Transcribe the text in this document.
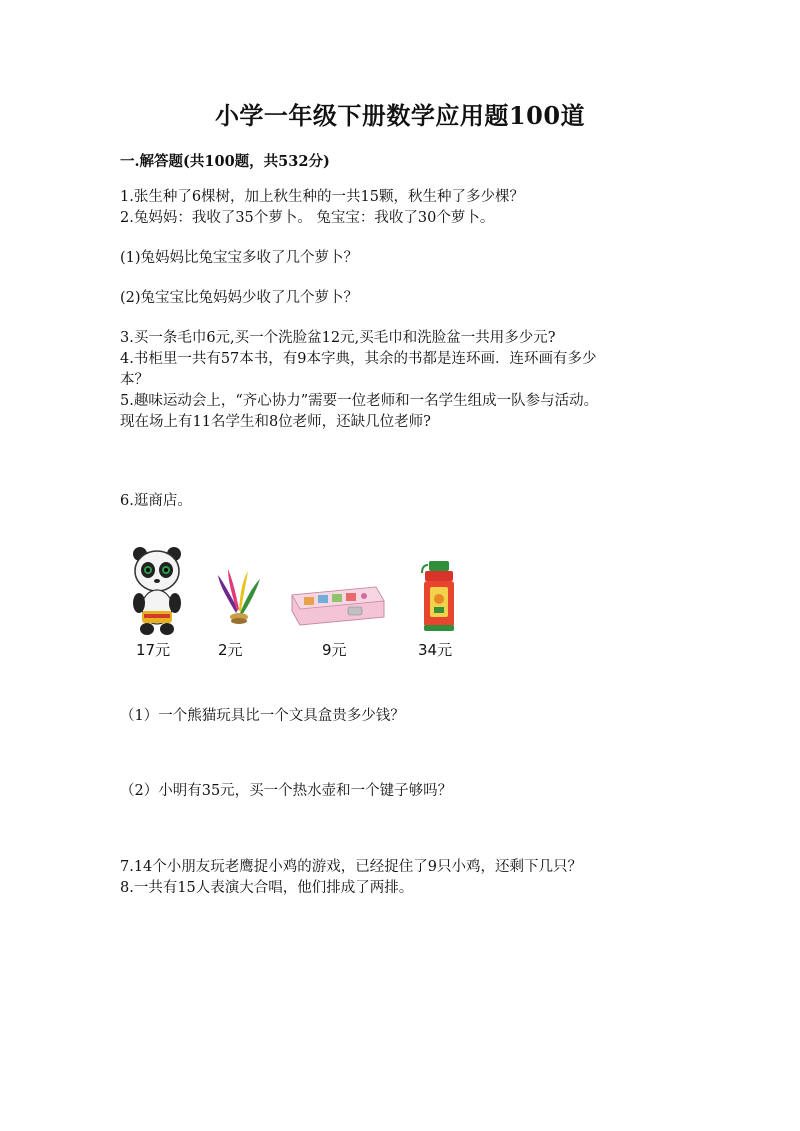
小学一年级下册数学应用题100道
一.解答题(共100题，共532分)
1.张生种了6棵树，加上秋生种的一共15颗，秋生种了多少棵？
2.兔妈妈：我收了35个萝卜。 兔宝宝：我收了30个萝卜。
(1)兔妈妈比兔宝宝多收了几个萝卜？
(2)兔宝宝比兔妈妈少收了几个萝卜？
3.买一条毛巾6元,买一个洗脸盆12元,买毛巾和洗脸盆一共用多少元?
4.书柜里一共有57本书，有9本字典，其余的书都是连环画．连环画有多少
本？
5.趣味运动会上，“齐心协力”需要一位老师和一名学生组成一队参与活动。
现在场上有11名学生和8位老师，还缺几位老师?
6.逛商店。
17元	2元	9元	34元
（1）一个熊猫玩具比一个文具盒贵多少钱？
（2）小明有35元，买一个热水壶和一个键子够吗？
7.14个小朋友玩老鹰捉小鸡的游戏，已经捉住了9只小鸡，还剩下几只？
8.一共有15人表演大合唱，他们排成了两排。
